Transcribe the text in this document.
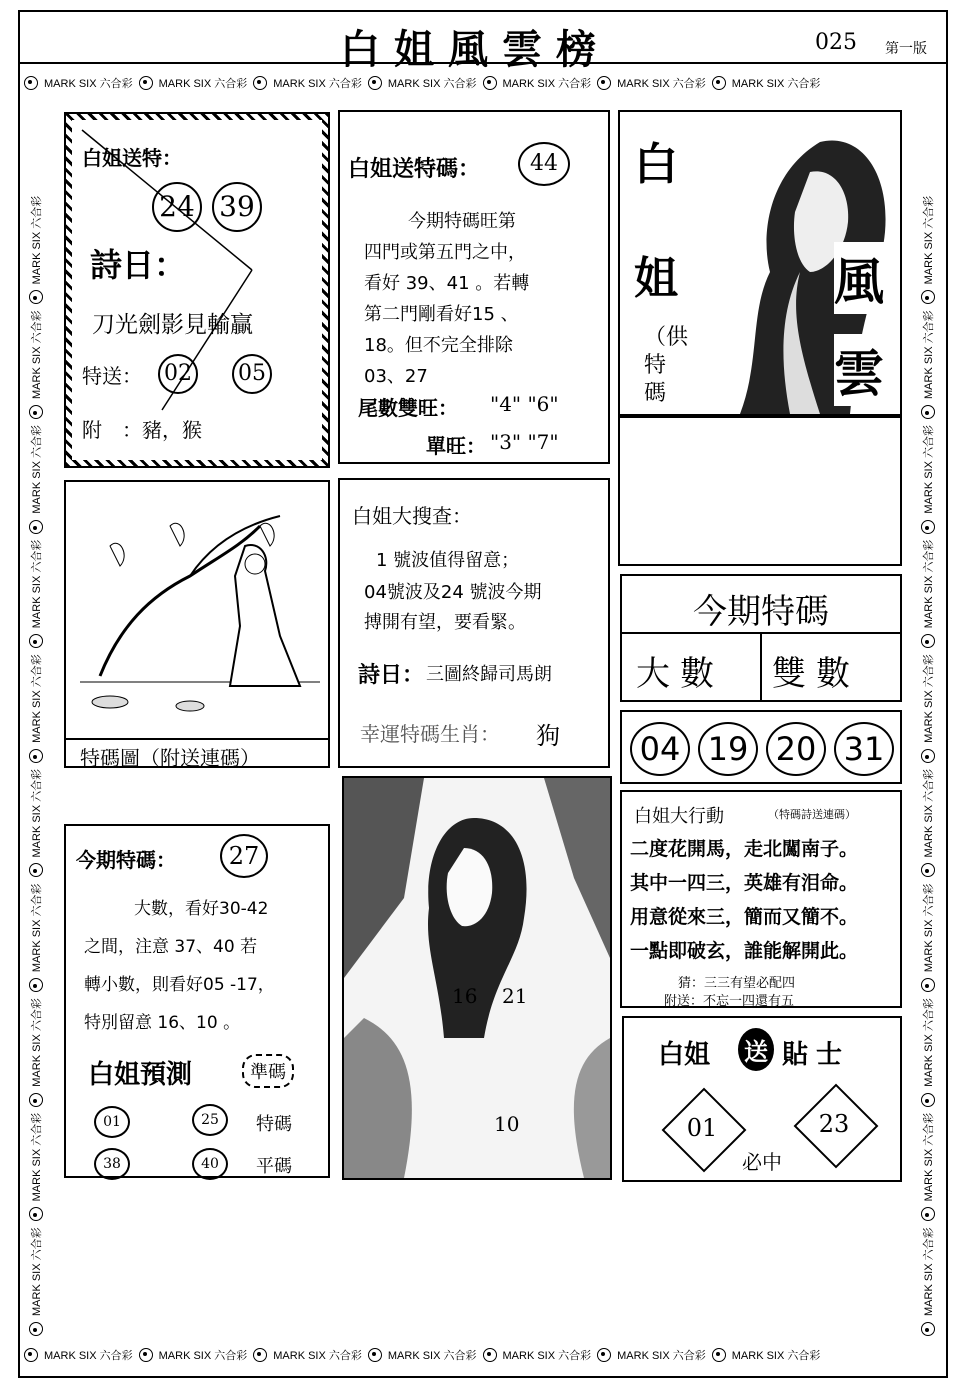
白姐風雲榜	025 第一版
MARK SIX 六合彩 MARK SIX 六合彩 MARK SIX 六合彩 MARK SIX 六合彩 MARK SIX 六合彩 MARK SIX 六合彩 MARK SIX 六合彩
MARK SIX 六合彩 MARK SIX 六合彩 MARK SIX 六合彩 MARK SIX 六合彩 MARK SIX 六合彩 MARK SIX 六合彩 MARK SIX 六合彩
MARK SIX 六合彩
MARK SIX 六合彩
MARK SIX 六合彩
MARK SIX 六合彩
MARK SIX 六合彩
MARK SIX 六合彩
MARK SIX 六合彩
MARK SIX 六合彩
MARK SIX 六合彩
MARK SIX 六合彩
MARK SIX 六合彩
MARK SIX 六合彩
MARK SIX 六合彩
MARK SIX 六合彩
MARK SIX 六合彩
MARK SIX 六合彩
MARK SIX 六合彩
MARK SIX 六合彩
MARK SIX 六合彩
MARK SIX 六合彩
白姐送特：
24 39
詩日：
刀光劍影見輸贏
特送： 02 05
附 ：豬，猴
白姐送特碼：	44
今期特碼旺第
四門或第五門之中，
看好 39、41 。若轉
第二門剛看好15 、
18。但不完全排除
03、27
尾數雙旺： "4" "6"
單旺： "3" "7"
白
姐	風
雲
（供特碼
特碼圖（附送連碼）
白姐大搜查：
1 號波值得留意；
04號波及24 號波今期
搏開有望，要看緊。
詩日： 三圖終歸司馬朗
幸運特碼生肖： 狗
今期特碼
大數 雙數
04 19 20 31
白姐大行動	（特碼詩送連碼）
二度花開馬，走北闖南子。
其中一四三，英雄有泪命。
用意從來三，簡而又簡不。
一點即破玄，誰能解開此。
猜：三三有望必配四
附送：不忘一四還有五
今期特碼：	27
大數，看好30-42
之間，注意 37、40 若
轉小數，則看好05 -17，
特別留意 16、10 。
白姐預測	準碼
01	25	特碼
38	40	平碼
16 21
10
白姐 送 貼士
01	23
必中
